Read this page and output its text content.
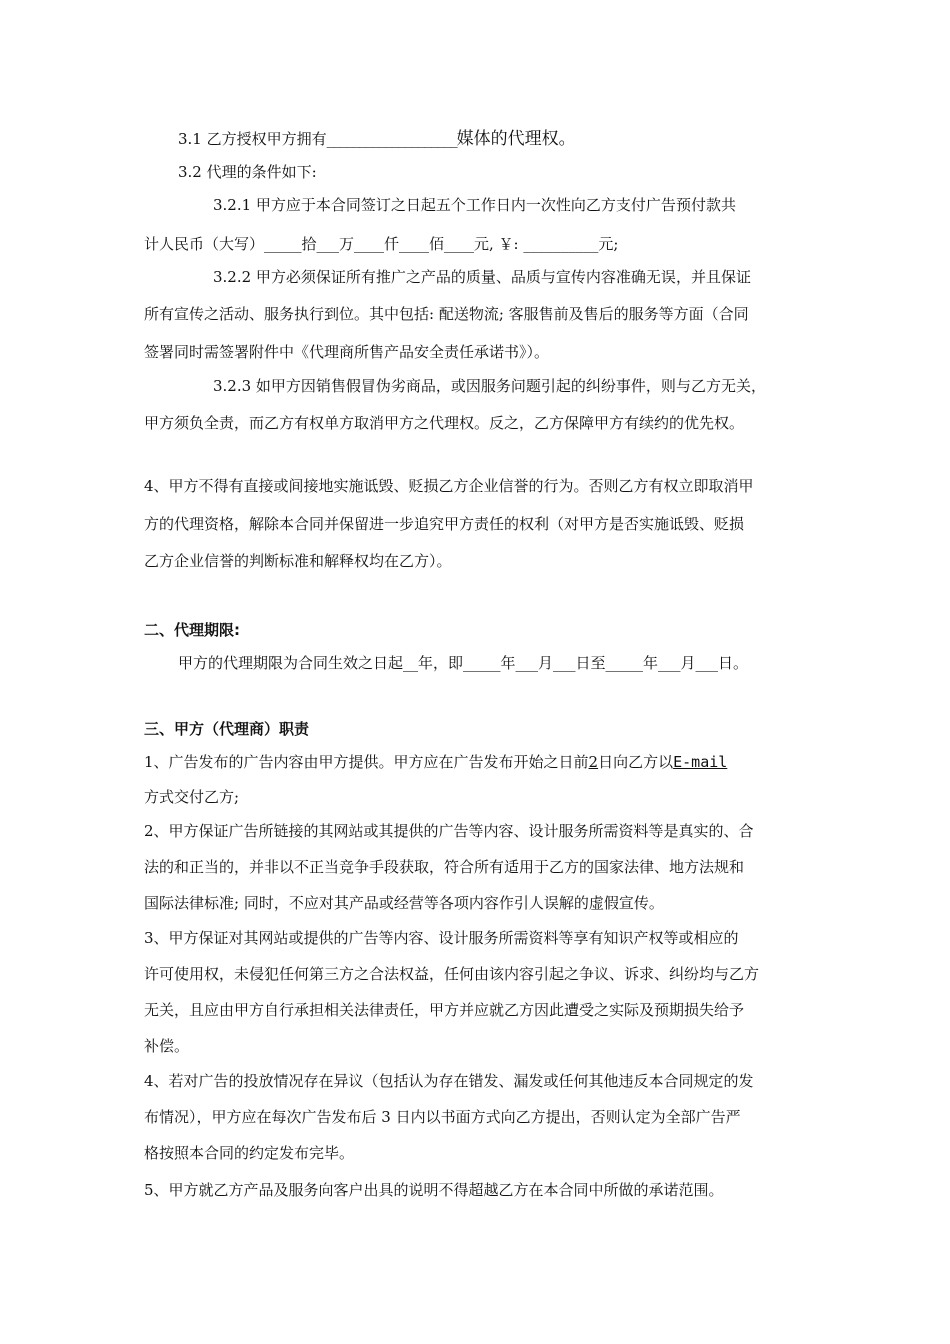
3.1 乙方授权甲方拥有____________________媒体的代理权。
3.2 代理的条件如下:
3.2.1 甲方应于本合同签订之日起五个工作日内一次性向乙方支付广告预付款共
计人民币（大写）_____拾___万____仟____佰____元, ￥: __________元;
3.2.2 甲方必须保证所有推广之产品的质量、品质与宣传内容准确无误，并且保证
所有宣传之活动、服务执行到位。其中包括: 配送物流; 客服售前及售后的服务等方面（合同
签署同时需签署附件中《代理商所售产品安全责任承诺书》）。
3.2.3 如甲方因销售假冒伪劣商品，或因服务问题引起的纠纷事件，则与乙方无关，
甲方须负全责，而乙方有权单方取消甲方之代理权。反之，乙方保障甲方有续约的优先权。
4、甲方不得有直接或间接地实施诋毁、贬损乙方企业信誉的行为。否则乙方有权立即取消甲
方的代理资格，解除本合同并保留进一步追究甲方责任的权利（对甲方是否实施诋毁、贬损
乙方企业信誉的判断标准和解释权均在乙方）。
二、代理期限:
甲方的代理期限为合同生效之日起__年，即_____年___月___日至_____年___月___日。
三、甲方（代理商）职责
1、广告发布的广告内容由甲方提供。甲方应在广告发布开始之日前2日向乙方以E-mail
方式交付乙方;
2、甲方保证广告所链接的其网站或其提供的广告等内容、设计服务所需资料等是真实的、合
法的和正当的，并非以不正当竞争手段获取，符合所有适用于乙方的国家法律、地方法规和
国际法律标准; 同时，不应对其产品或经营等各项内容作引人误解的虚假宣传。
3、甲方保证对其网站或提供的广告等内容、设计服务所需资料等享有知识产权等或相应的
许可使用权，未侵犯任何第三方之合法权益，任何由该内容引起之争议、诉求、纠纷均与乙方
无关，且应由甲方自行承担相关法律责任，甲方并应就乙方因此遭受之实际及预期损失给予
补偿。
4、若对广告的投放情况存在异议（包括认为存在错发、漏发或任何其他违反本合同规定的发
布情况），甲方应在每次广告发布后 3 日内以书面方式向乙方提出，否则认定为全部广告严
格按照本合同的约定发布完毕。
5、甲方就乙方产品及服务向客户出具的说明不得超越乙方在本合同中所做的承诺范围。
